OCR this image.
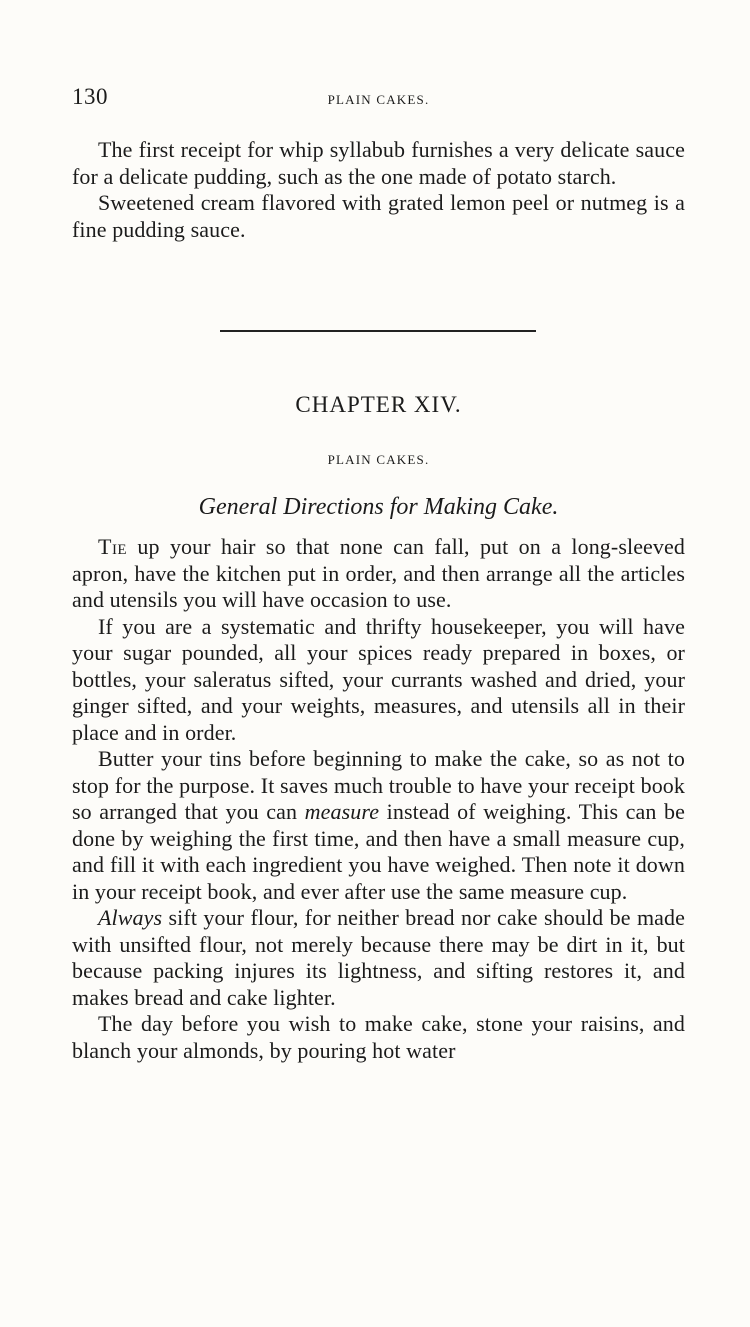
130	PLAIN CAKES.

The first receipt for whip syllabub furnishes a very delicate sauce for a delicate pudding, such as the one made of potato starch.

Sweetened cream flavored with grated lemon peel or nutmeg is a fine pudding sauce.

CHAPTER XIV.
PLAIN CAKES.
General Directions for Making Cake.

Tie up your hair so that none can fall, put on a long-sleeved apron, have the kitchen put in order, and then arrange all the articles and utensils you will have occasion to use.

If you are a systematic and thrifty housekeeper, you will have your sugar pounded, all your spices ready prepared in boxes, or bottles, your saleratus sifted, your currants washed and dried, your ginger sifted, and your weights, measures, and utensils all in their place and in order.

Butter your tins before beginning to make the cake, so as not to stop for the purpose. It saves much trouble to have your receipt book so arranged that you can measure instead of weighing. This can be done by weighing the first time, and then have a small measure cup, and fill it with each ingredient you have weighed. Then note it down in your receipt book, and ever after use the same measure cup.

Always sift your flour, for neither bread nor cake should be made with unsifted flour, not merely because there may be dirt in it, but because packing injures its lightness, and sifting restores it, and makes bread and cake lighter.

The day before you wish to make cake, stone your raisins, and blanch your almonds, by pouring hot water
